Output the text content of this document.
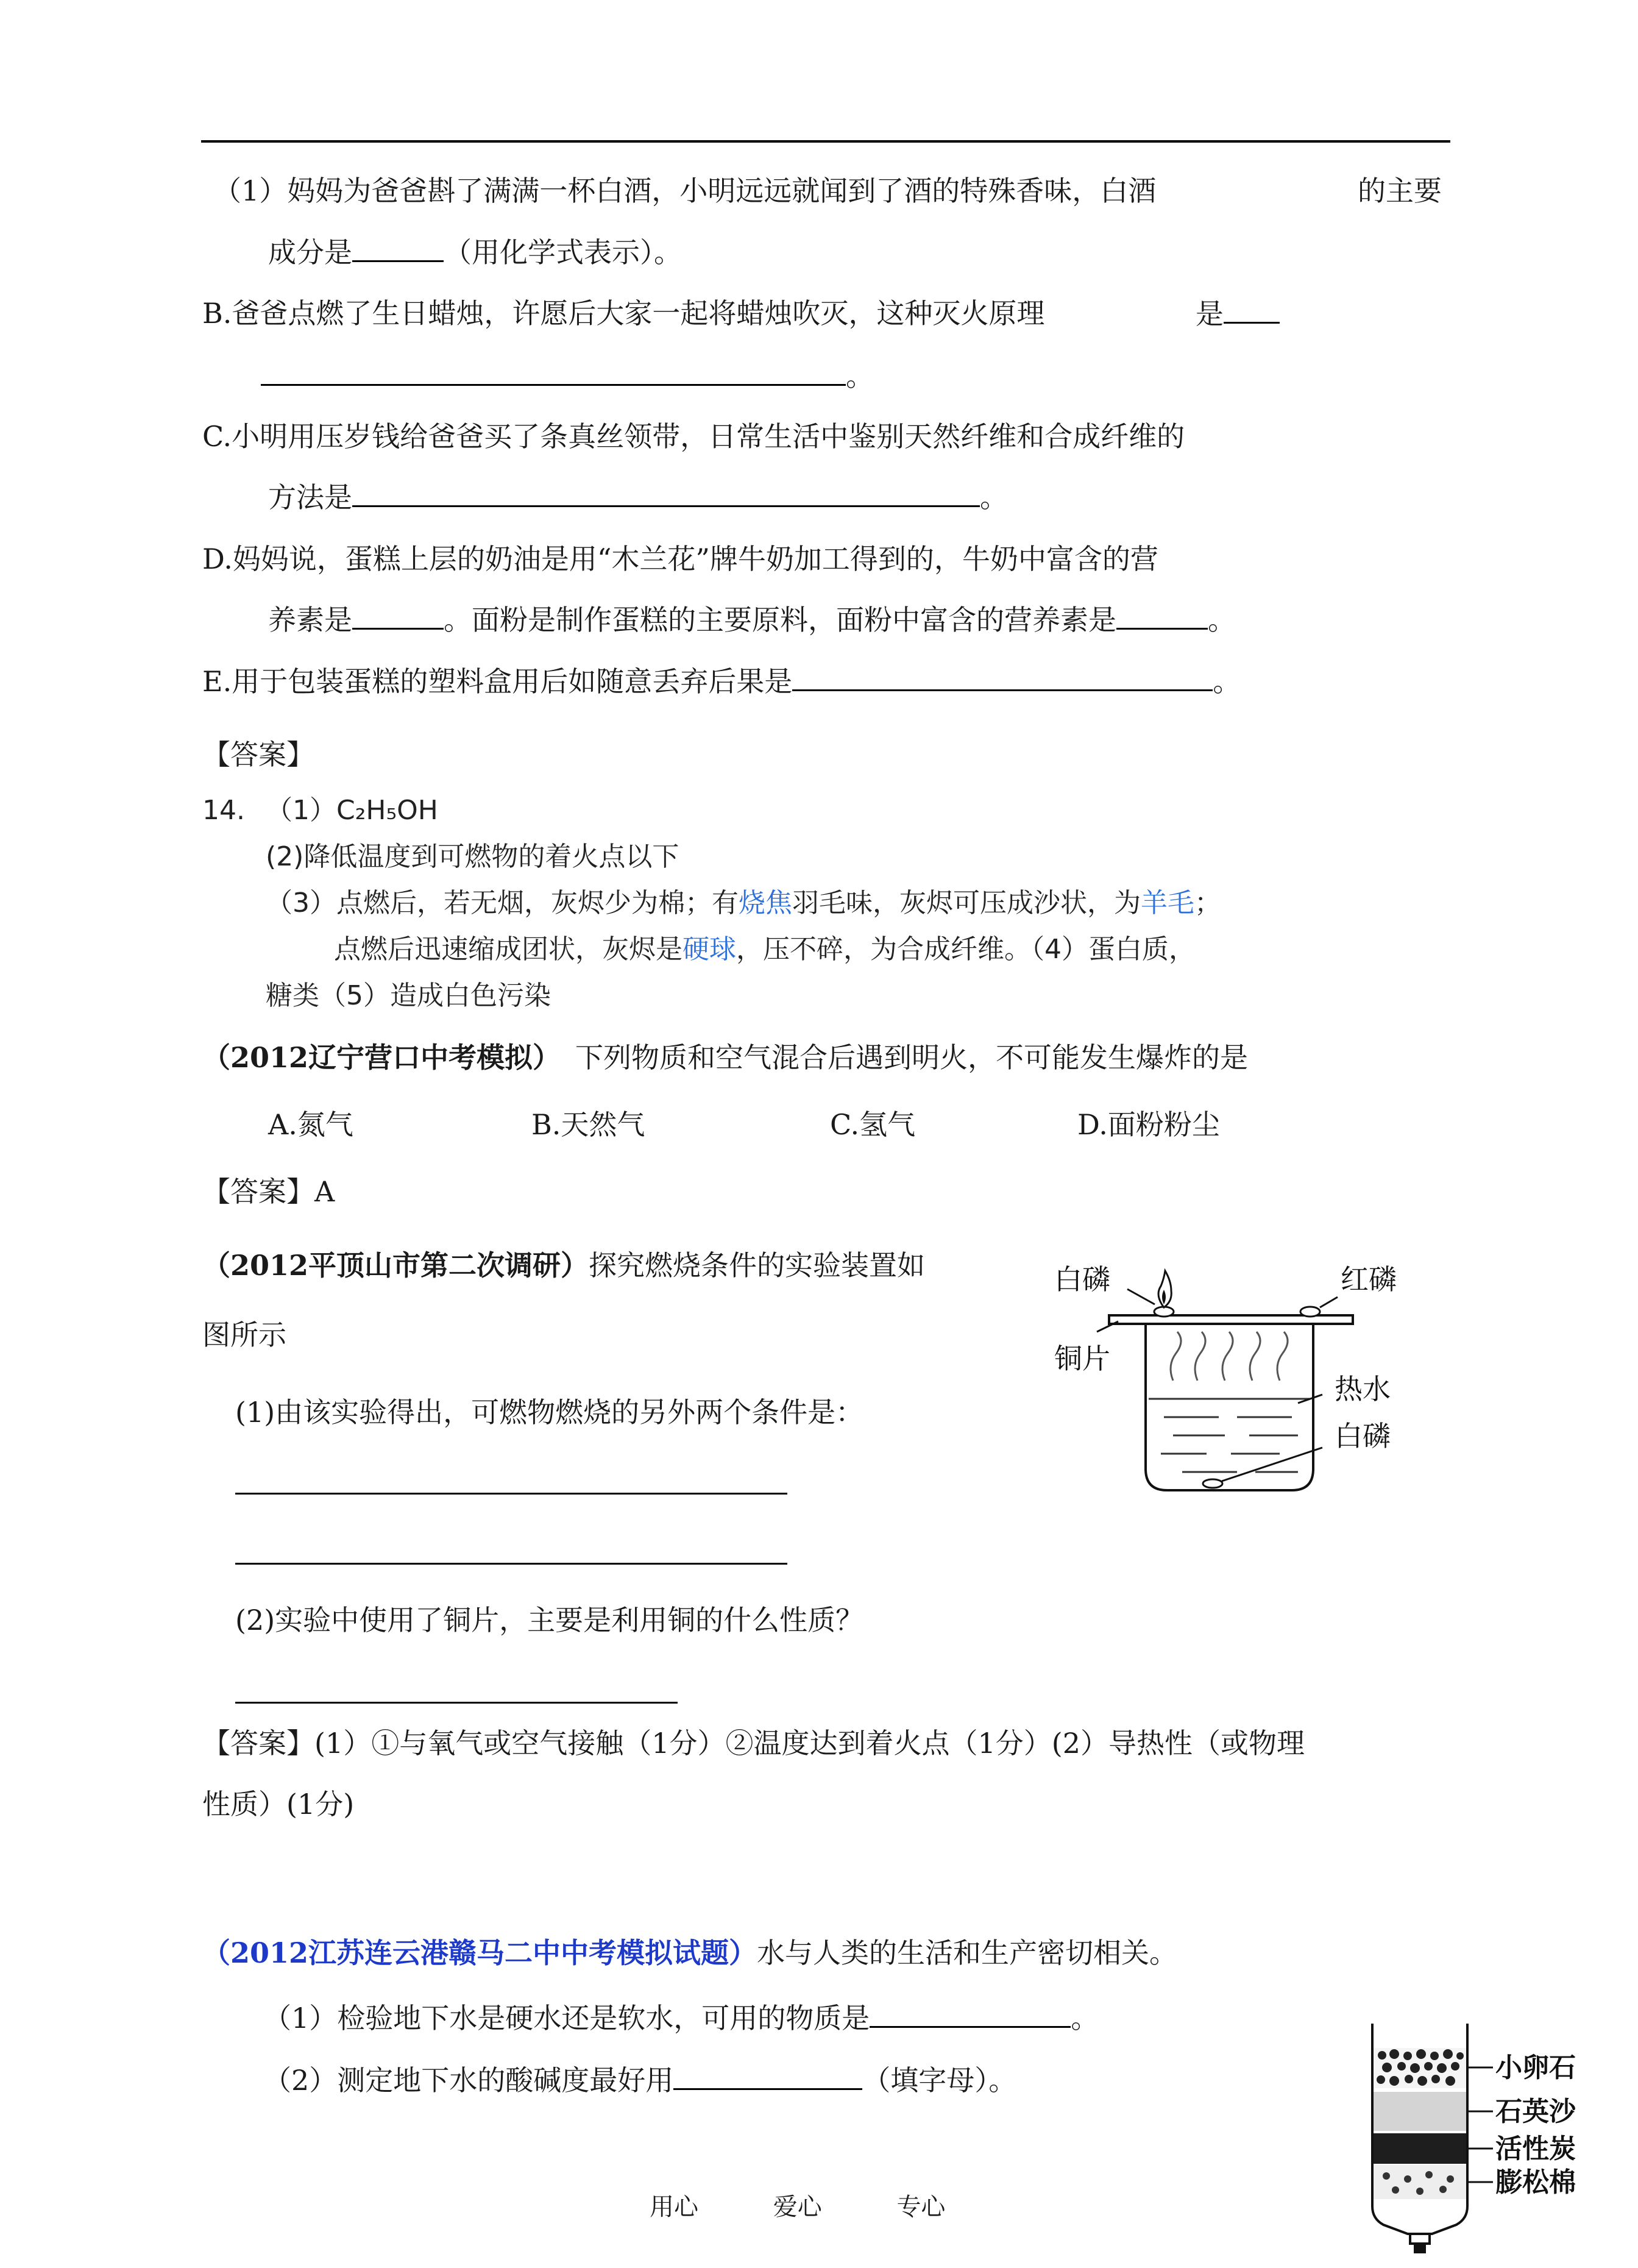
（1）妈妈为爸爸斟了满满一杯白酒，小明远远就闻到了酒的特殊香味，白酒	的主要
成分是	（用化学式表示）。
B.爸爸点燃了生日蜡烛，许愿后大家一起将蜡烛吹灭，这种灭火原理	是
。
C.小明用压岁钱给爸爸买了条真丝领带，日常生活中鉴别天然纤维和合成纤维的
方法是	。
D.妈妈说，蛋糕上层的奶油是用“木兰花”牌牛奶加工得到的，牛奶中富含的营
养素是	。面粉是制作蛋糕的主要原料，面粉中富含的营养素是	。
E.用于包装蛋糕的塑料盒用后如随意丢弃后果是	。
【答案】
14. （1）C₂H₅OH
(2)降低温度到可燃物的着火点以下
（3）点燃后，若无烟，灰烬少为棉；有烧焦羽毛味，灰烬可压成沙状，为羊毛；
点燃后迅速缩成团状，灰烬是硬球，压不碎，为合成纤维。（4）蛋白质，
糖类（5）造成白色污染
（2012辽宁营口中考模拟） 下列物质和空气混合后遇到明火，不可能发生爆炸的是
A.氮气	B.天然气	C.氢气	D.面粉粉尘
【答案】A
（2012平顶山市第二次调研）探究燃烧条件的实验装置如
图所示
(1)由该实验得出，可燃物燃烧的另外两个条件是：
(2)实验中使用了铜片，主要是利用铜的什么性质？
【答案】(1）①与氧气或空气接触（1分）②温度达到着火点（1分）(2）导热性（或物理
性质）(1分)
白磷	红磷
铜片
热水
白磷
（2012江苏连云港赣马二中中考模拟试题）水与人类的生活和生产密切相关。
（1）检验地下水是硬水还是软水，可用的物质是	。
（2）测定地下水的酸碱度最好用	（填字母）。	小卵石
石英沙
活性炭
膨松棉
用心	爱心	专心
